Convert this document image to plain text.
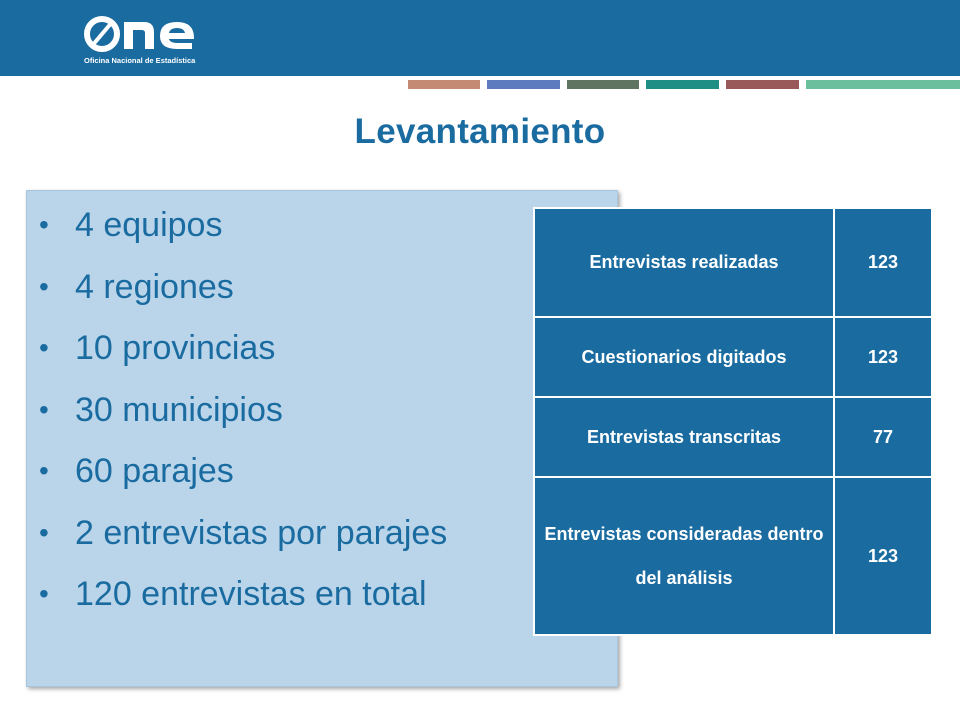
Oficina Nacional de Estadística
Levantamiento
• 4 equipos
• 4 regiones
• 10 provincias
• 30 municipios
• 60 parajes
• 2 entrevistas por parajes
• 120 entrevistas en total
Entrevistas realizadas	123
Cuestionarios digitados	123
Entrevistas transcritas	77
Entrevistas consideradas dentro del análisis	123
